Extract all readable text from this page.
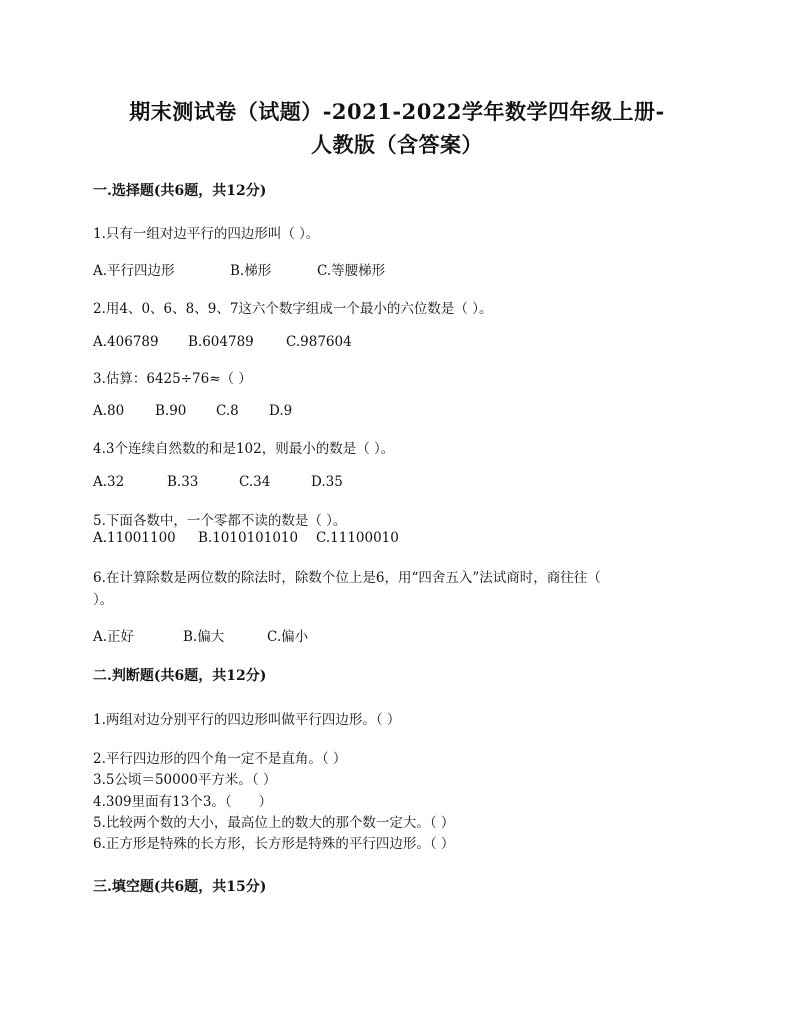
期末测试卷（试题）-2021-2022学年数学四年级上册-
人教版（含答案）
一.选择题(共6题，共12分)
1.只有一组对边平行的四边形叫（ ）。
A.平行四边形	B.梯形	C.等腰梯形
2.用4、0、6、8、9、7这六个数字组成一个最小的六位数是（ ）。
A.406789 B.604789 C.987604
3.估算：6425÷76≈（ ）
A.80 B.90 C.8 D.9
4.3个连续自然数的和是102，则最小的数是（ ）。
A.32	B.33	C.34	D.35
5.下面各数中，一个零都不读的数是（ ）。
A.11001100 B.1010101010 C.11100010
6.在计算除数是两位数的除法时，除数个位上是6，用“四舍五入”法试商时，商往往（
）。
A.正好	B.偏大	C.偏小
二.判断题(共6题，共12分)
1.两组对边分别平行的四边形叫做平行四边形。（ ）
2.平行四边形的四个角一定不是直角。（ ）
3.5公顷＝50000平方米。（ ）
4.309里面有13个3。（　　）
5.比较两个数的大小，最高位上的数大的那个数一定大。（ ）
6.正方形是特殊的长方形，长方形是特殊的平行四边形。（ ）
三.填空题(共6题，共15分)
